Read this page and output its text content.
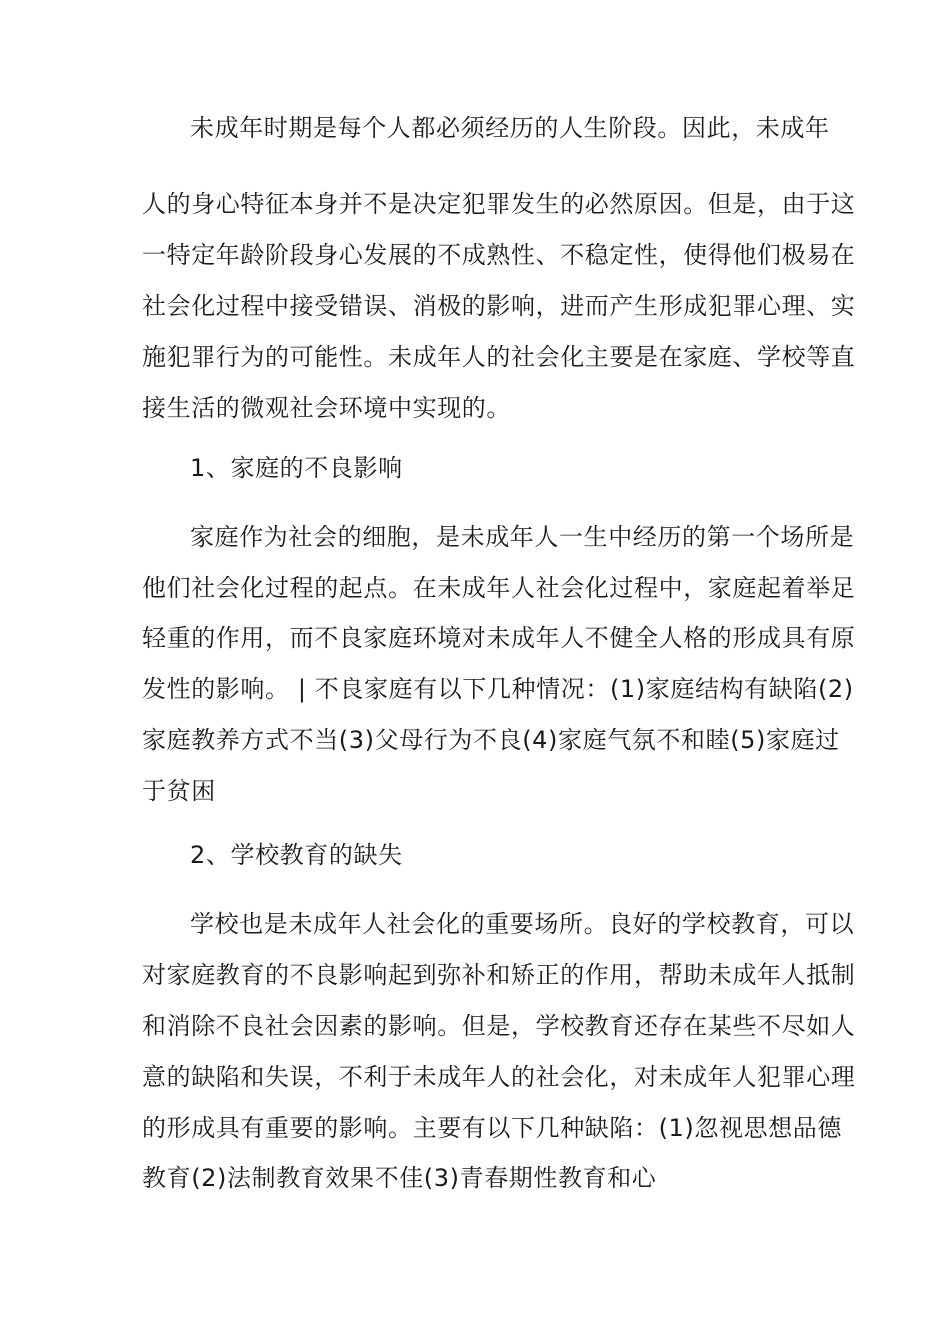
未成年时期是每个人都必须经历的人生阶段。因此，未成年
人的身心特征本身并不是决定犯罪发生的必然原因。但是，由于这
一特定年龄阶段身心发展的不成熟性、不稳定性，使得他们极易在
社会化过程中接受错误、消极的影响，进而产生形成犯罪心理、实
施犯罪行为的可能性。未成年人的社会化主要是在家庭、学校等直
接生活的微观社会环境中实现的。
1、家庭的不良影响
家庭作为社会的细胞，是未成年人一生中经历的第一个场所是
他们社会化过程的起点。在未成年人社会化过程中，家庭起着举足
轻重的作用，而不良家庭环境对未成年人不健全人格的形成具有原
发性的影响。 | 不良家庭有以下几种情况：(1)家庭结构有缺陷(2)
家庭教养方式不当(3)父母行为不良(4)家庭气氛不和睦(5)家庭过
于贫困
2、学校教育的缺失
学校也是未成年人社会化的重要场所。良好的学校教育，可以
对家庭教育的不良影响起到弥补和矫正的作用，帮助未成年人抵制
和消除不良社会因素的影响。但是，学校教育还存在某些不尽如人
意的缺陷和失误，不利于未成年人的社会化，对未成年人犯罪心理
的形成具有重要的影响。主要有以下几种缺陷：(1)忽视思想品德
教育(2)法制教育效果不佳(3)青春期性教育和心
